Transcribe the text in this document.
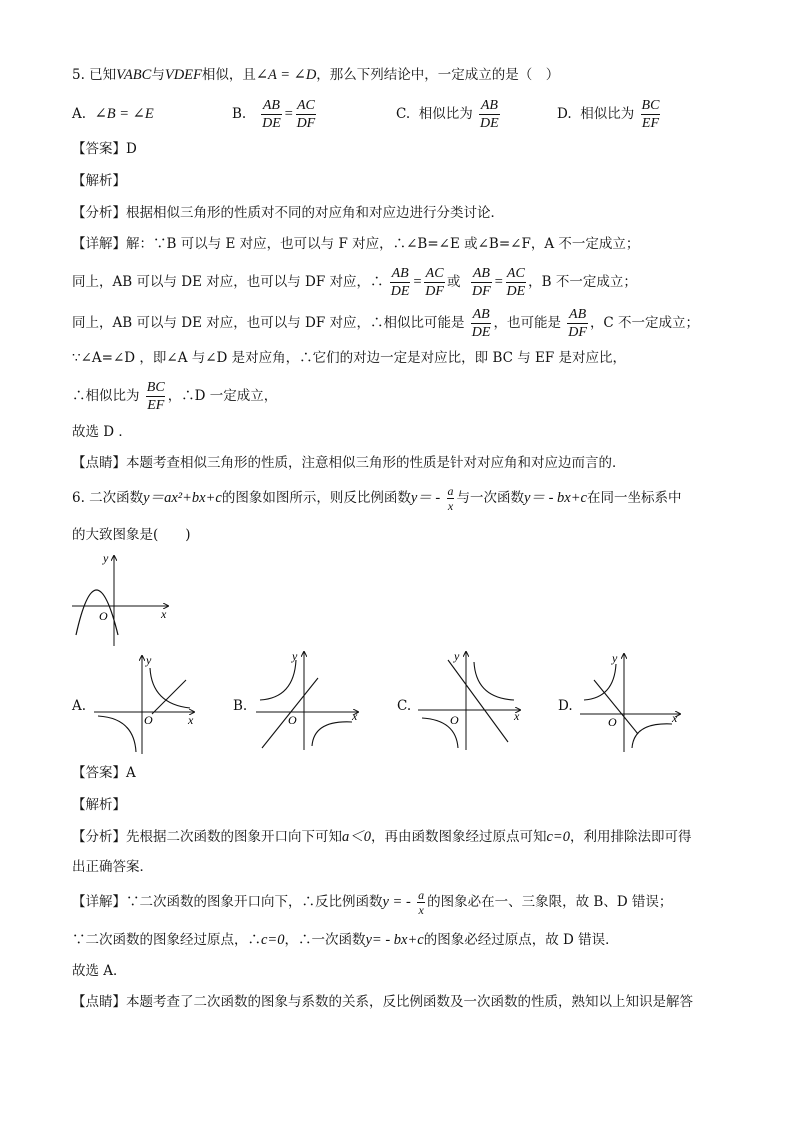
5. 已知VABC与VDEF相似，且∠A = ∠D，那么下列结论中，一定成立的是（　）
A. ∠B = ∠E	B. $\frac{AB}{DE} = \frac{AC}{DF}$	C. 相似比为 $\frac{AB}{DE}$	D. 相似比为 $\frac{BC}{EF}$
【答案】D
【解析】
【分析】根据相似三角形的性质对不同的对应角和对应边进行分类讨论．
【详解】解：∵B 可以与 E 对应，也可以与 F 对应，∴∠B=∠E 或∠B=∠F，A 不一定成立；
同上，AB 可以与 DE 对应，也可以与 DF 对应，∴ $\frac{AB}{DE} = \frac{AC}{DF}$ 或 $\frac{AB}{DF} = \frac{AC}{DE}$ ，B 不一定成立；
同上，AB 可以与 DE 对应，也可以与 DF 对应，∴相似比可能是 $\frac{AB}{DE}$ ，也可能是 $\frac{AB}{DF}$ ，C 不一定成立；
∵∠A=∠D ，即∠A 与∠D 是对应角，∴它们的对边一定是对应比，即 BC 与 EF 是对应比，
∴相似比为 $\frac{BC}{EF}$ ，∴D 一定成立，
故选 D ．
【点睛】本题考查相似三角形的性质，注意相似三角形的性质是针对对应角和对应边而言的．
6. 二次函数y＝ax²+bx+c的图象如图所示，则反比例函数$y= - \frac{a}{x}$ 与一次函数y＝ - bx+c在同一坐标系中
的大致图象是(　　)
O	x
y
A.
O	x
y
B.
O	x
y
C.
O	x
y
D.
O	x
y
【答案】A
【解析】
【分析】先根据二次函数的图象开口向下可知a＜0，再由函数图象经过原点可知c=0，利用排除法即可得
出正确答案．
【详解】∵二次函数的图象开口向下，∴反比例函数y = - $\frac{a}{x}$ 的图象必在一、三象限，故 B、D 错误；
∵二次函数的图象经过原点，∴c=0，∴一次函数y= - bx+c的图象必经过原点，故 D 错误．
故选 A．
【点睛】本题考查了二次函数的图象与系数的关系，反比例函数及一次函数的性质，熟知以上知识是解答
